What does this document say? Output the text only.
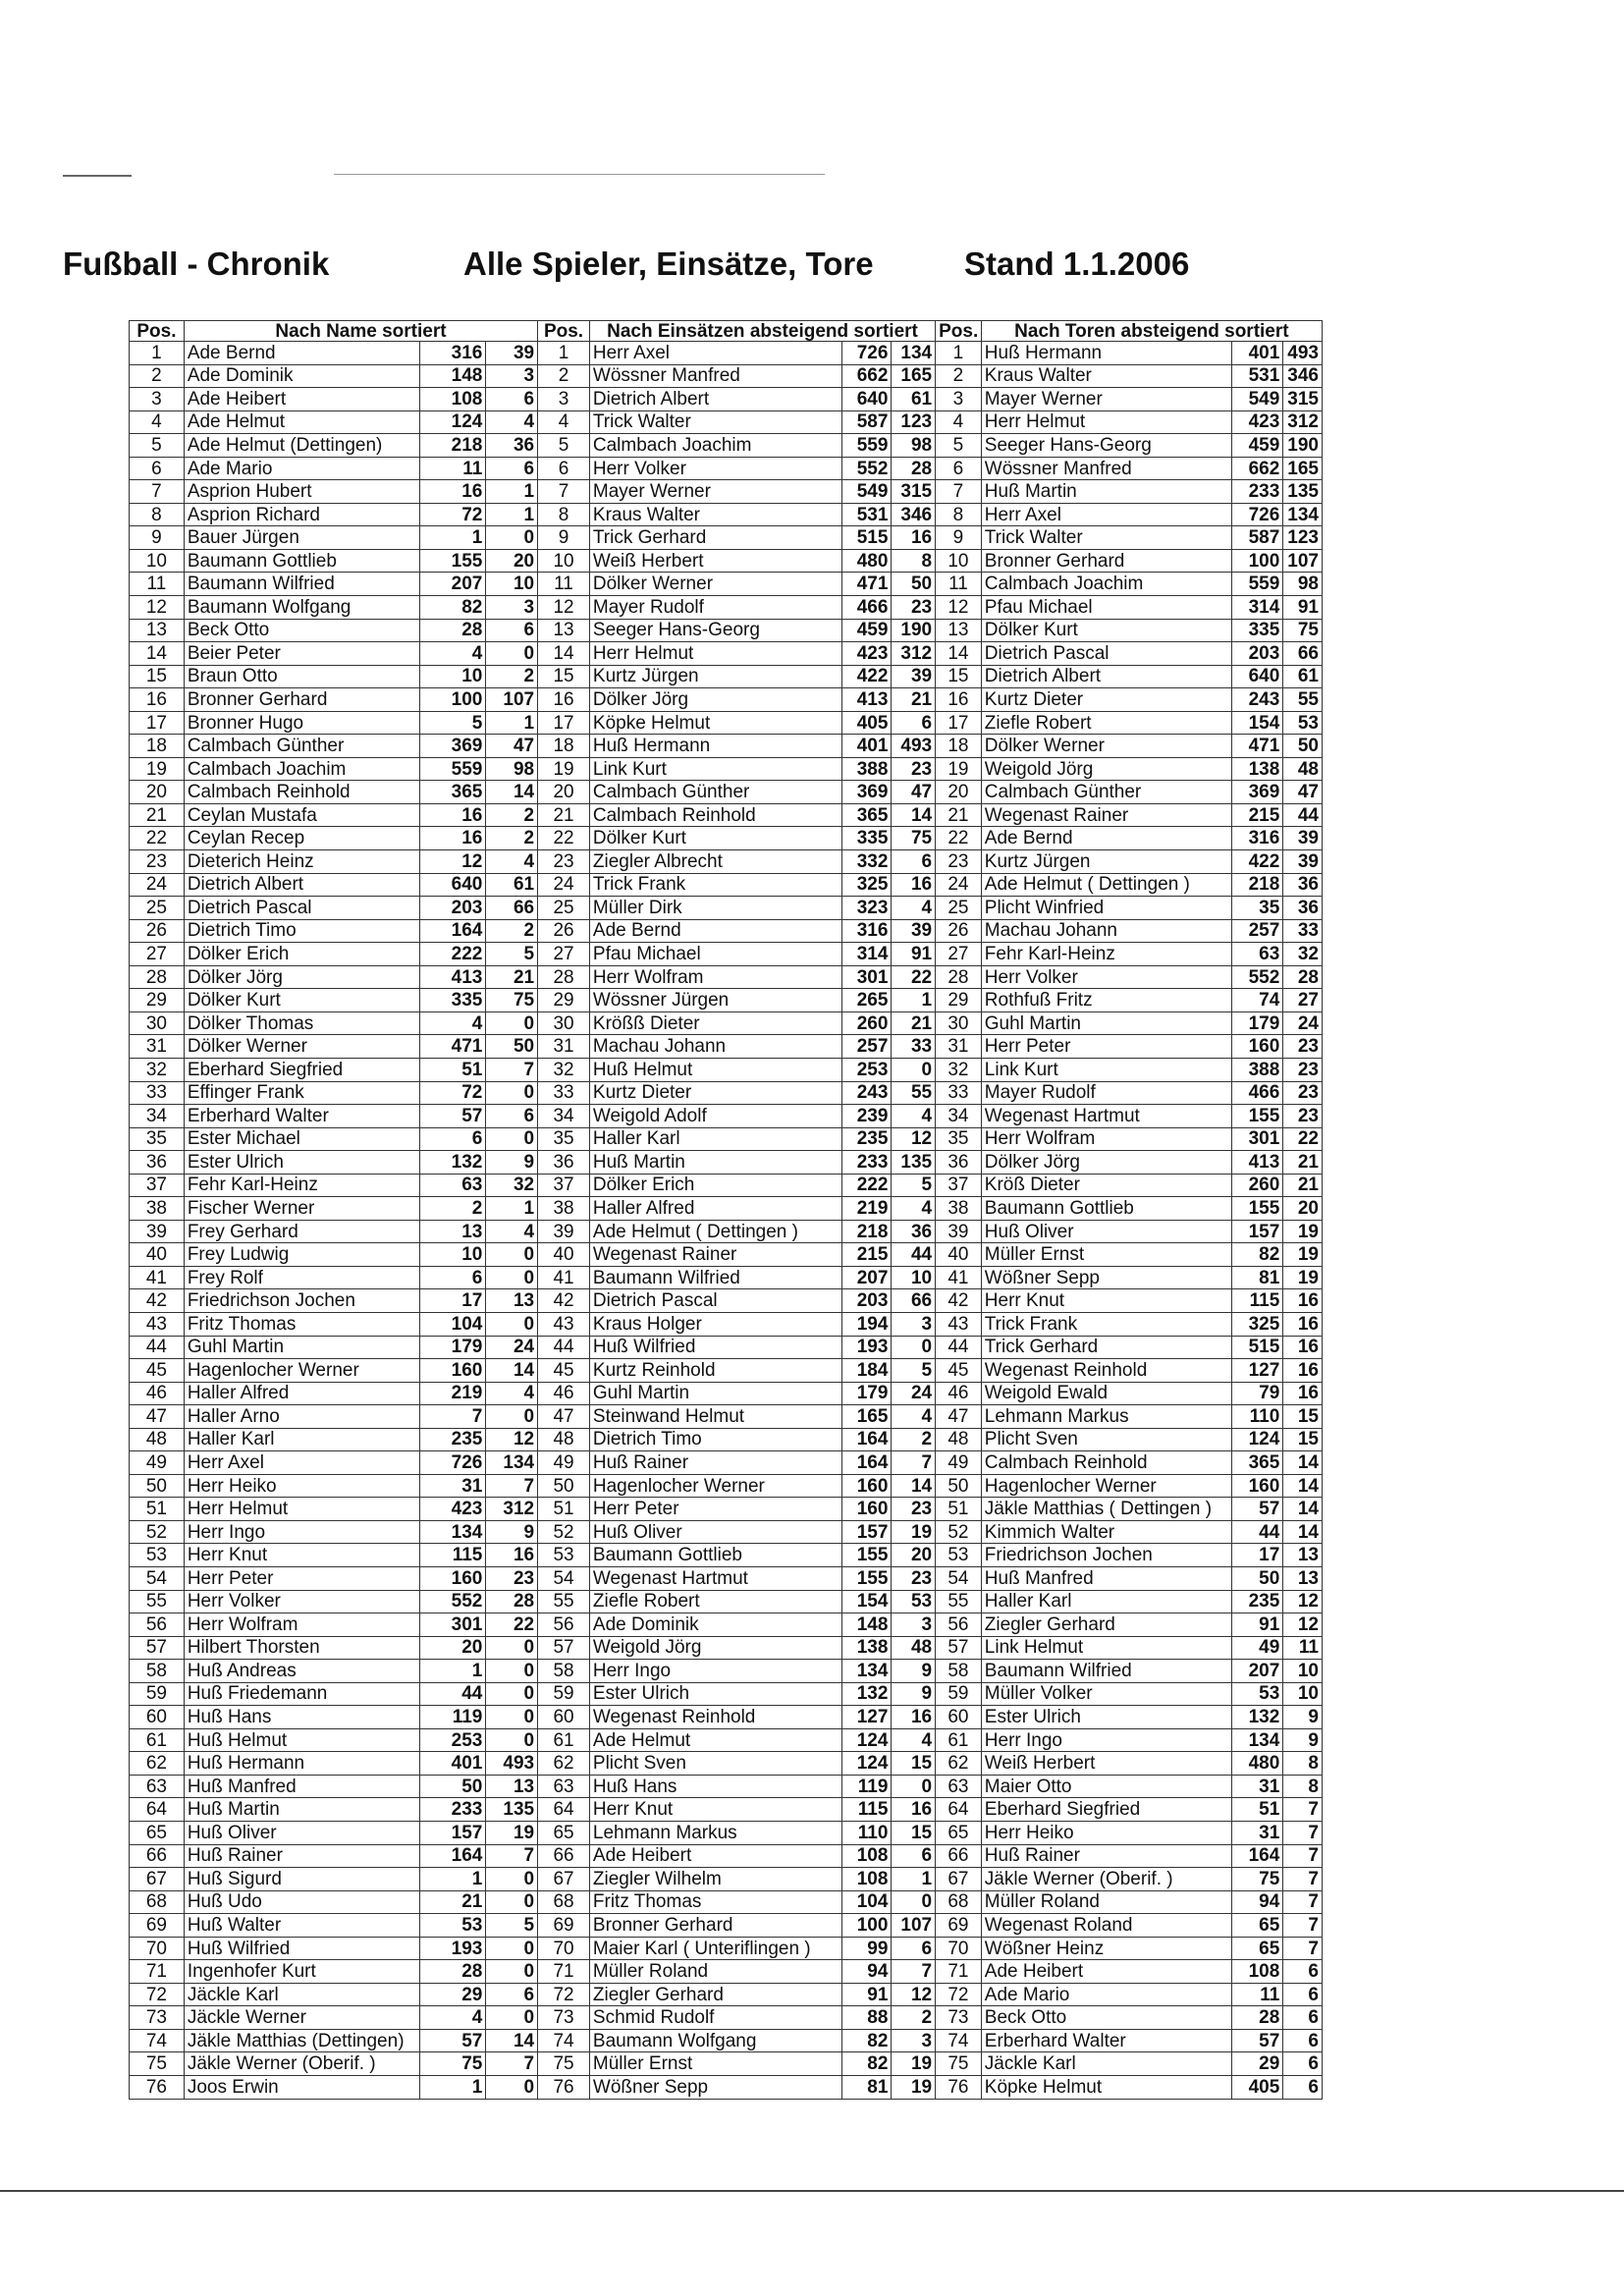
Fußball - Chronik	Alle Spieler, Einsätze, Tore	Stand 1.1.2006
Pos.	Nach Name sortiert			Pos.	Nach Einsätzen absteigend sortiert			Pos.	Nach Toren absteigend sortiert		
1	Ade Bernd	316	39	1	Herr Axel	726	134	1	Huß Hermann	401	493
2	Ade Dominik	148	3	2	Wössner Manfred	662	165	2	Kraus Walter	531	346
3	Ade Heibert	108	6	3	Dietrich Albert	640	61	3	Mayer Werner	549	315
4	Ade Helmut	124	4	4	Trick Walter	587	123	4	Herr Helmut	423	312
5	Ade Helmut (Dettingen)	218	36	5	Calmbach Joachim	559	98	5	Seeger Hans-Georg	459	190
6	Ade Mario	11	6	6	Herr Volker	552	28	6	Wössner Manfred	662	165
7	Asprion Hubert	16	1	7	Mayer Werner	549	315	7	Huß Martin	233	135
8	Asprion Richard	72	1	8	Kraus Walter	531	346	8	Herr Axel	726	134
9	Bauer Jürgen	1	0	9	Trick Gerhard	515	16	9	Trick Walter	587	123
10	Baumann Gottlieb	155	20	10	Weiß Herbert	480	8	10	Bronner Gerhard	100	107
11	Baumann Wilfried	207	10	11	Dölker Werner	471	50	11	Calmbach Joachim	559	98
12	Baumann Wolfgang	82	3	12	Mayer Rudolf	466	23	12	Pfau Michael	314	91
13	Beck Otto	28	6	13	Seeger Hans-Georg	459	190	13	Dölker Kurt	335	75
14	Beier Peter	4	0	14	Herr Helmut	423	312	14	Dietrich Pascal	203	66
15	Braun Otto	10	2	15	Kurtz Jürgen	422	39	15	Dietrich Albert	640	61
16	Bronner Gerhard	100	107	16	Dölker Jörg	413	21	16	Kurtz Dieter	243	55
17	Bronner Hugo	5	1	17	Köpke Helmut	405	6	17	Ziefle Robert	154	53
18	Calmbach Günther	369	47	18	Huß Hermann	401	493	18	Dölker Werner	471	50
19	Calmbach Joachim	559	98	19	Link Kurt	388	23	19	Weigold Jörg	138	48
20	Calmbach Reinhold	365	14	20	Calmbach Günther	369	47	20	Calmbach Günther	369	47
21	Ceylan Mustafa	16	2	21	Calmbach Reinhold	365	14	21	Wegenast Rainer	215	44
22	Ceylan Recep	16	2	22	Dölker Kurt	335	75	22	Ade Bernd	316	39
23	Dieterich Heinz	12	4	23	Ziegler Albrecht	332	6	23	Kurtz Jürgen	422	39
24	Dietrich Albert	640	61	24	Trick Frank	325	16	24	Ade Helmut ( Dettingen )	218	36
25	Dietrich Pascal	203	66	25	Müller Dirk	323	4	25	Plicht Winfried	35	36
26	Dietrich Timo	164	2	26	Ade Bernd	316	39	26	Machau Johann	257	33
27	Dölker Erich	222	5	27	Pfau Michael	314	91	27	Fehr Karl-Heinz	63	32
28	Dölker Jörg	413	21	28	Herr Wolfram	301	22	28	Herr Volker	552	28
29	Dölker Kurt	335	75	29	Wössner Jürgen	265	1	29	Rothfuß Fritz	74	27
30	Dölker Thomas	4	0	30	Krößß Dieter	260	21	30	Guhl Martin	179	24
31	Dölker Werner	471	50	31	Machau Johann	257	33	31	Herr Peter	160	23
32	Eberhard Siegfried	51	7	32	Huß Helmut	253	0	32	Link Kurt	388	23
33	Effinger Frank	72	0	33	Kurtz Dieter	243	55	33	Mayer Rudolf	466	23
34	Erberhard Walter	57	6	34	Weigold Adolf	239	4	34	Wegenast Hartmut	155	23
35	Ester Michael	6	0	35	Haller Karl	235	12	35	Herr Wolfram	301	22
36	Ester Ulrich	132	9	36	Huß Martin	233	135	36	Dölker Jörg	413	21
37	Fehr Karl-Heinz	63	32	37	Dölker Erich	222	5	37	Kröß Dieter	260	21
38	Fischer Werner	2	1	38	Haller Alfred	219	4	38	Baumann Gottlieb	155	20
39	Frey Gerhard	13	4	39	Ade Helmut ( Dettingen )	218	36	39	Huß Oliver	157	19
40	Frey Ludwig	10	0	40	Wegenast Rainer	215	44	40	Müller Ernst	82	19
41	Frey Rolf	6	0	41	Baumann Wilfried	207	10	41	Wößner Sepp	81	19
42	Friedrichson Jochen	17	13	42	Dietrich Pascal	203	66	42	Herr Knut	115	16
43	Fritz Thomas	104	0	43	Kraus Holger	194	3	43	Trick Frank	325	16
44	Guhl Martin	179	24	44	Huß Wilfried	193	0	44	Trick Gerhard	515	16
45	Hagenlocher Werner	160	14	45	Kurtz Reinhold	184	5	45	Wegenast Reinhold	127	16
46	Haller Alfred	219	4	46	Guhl Martin	179	24	46	Weigold Ewald	79	16
47	Haller Arno	7	0	47	Steinwand Helmut	165	4	47	Lehmann Markus	110	15
48	Haller Karl	235	12	48	Dietrich Timo	164	2	48	Plicht Sven	124	15
49	Herr Axel	726	134	49	Huß Rainer	164	7	49	Calmbach Reinhold	365	14
50	Herr Heiko	31	7	50	Hagenlocher Werner	160	14	50	Hagenlocher Werner	160	14
51	Herr Helmut	423	312	51	Herr Peter	160	23	51	Jäkle Matthias ( Dettingen )	57	14
52	Herr Ingo	134	9	52	Huß Oliver	157	19	52	Kimmich Walter	44	14
53	Herr Knut	115	16	53	Baumann Gottlieb	155	20	53	Friedrichson Jochen	17	13
54	Herr Peter	160	23	54	Wegenast Hartmut	155	23	54	Huß Manfred	50	13
55	Herr Volker	552	28	55	Ziefle Robert	154	53	55	Haller Karl	235	12
56	Herr Wolfram	301	22	56	Ade Dominik	148	3	56	Ziegler Gerhard	91	12
57	Hilbert Thorsten	20	0	57	Weigold Jörg	138	48	57	Link Helmut	49	11
58	Huß Andreas	1	0	58	Herr Ingo	134	9	58	Baumann Wilfried	207	10
59	Huß Friedemann	44	0	59	Ester Ulrich	132	9	59	Müller Volker	53	10
60	Huß Hans	119	0	60	Wegenast Reinhold	127	16	60	Ester Ulrich	132	9
61	Huß Helmut	253	0	61	Ade Helmut	124	4	61	Herr Ingo	134	9
62	Huß Hermann	401	493	62	Plicht Sven	124	15	62	Weiß Herbert	480	8
63	Huß Manfred	50	13	63	Huß Hans	119	0	63	Maier Otto	31	8
64	Huß Martin	233	135	64	Herr Knut	115	16	64	Eberhard Siegfried	51	7
65	Huß Oliver	157	19	65	Lehmann Markus	110	15	65	Herr Heiko	31	7
66	Huß Rainer	164	7	66	Ade Heibert	108	6	66	Huß Rainer	164	7
67	Huß Sigurd	1	0	67	Ziegler Wilhelm	108	1	67	Jäkle Werner (Oberif. )	75	7
68	Huß Udo	21	0	68	Fritz Thomas	104	0	68	Müller Roland	94	7
69	Huß Walter	53	5	69	Bronner Gerhard	100	107	69	Wegenast Roland	65	7
70	Huß Wilfried	193	0	70	Maier Karl ( Unteriflingen )	99	6	70	Wößner Heinz	65	7
71	Ingenhofer Kurt	28	0	71	Müller Roland	94	7	71	Ade Heibert	108	6
72	Jäckle Karl	29	6	72	Ziegler Gerhard	91	12	72	Ade Mario	11	6
73	Jäckle Werner	4	0	73	Schmid Rudolf	88	2	73	Beck Otto	28	6
74	Jäkle Matthias (Dettingen)	57	14	74	Baumann Wolfgang	82	3	74	Erberhard Walter	57	6
75	Jäkle Werner (Oberif. )	75	7	75	Müller Ernst	82	19	75	Jäckle Karl	29	6
76	Joos Erwin	1	0	76	Wößner Sepp	81	19	76	Köpke Helmut	405	6
